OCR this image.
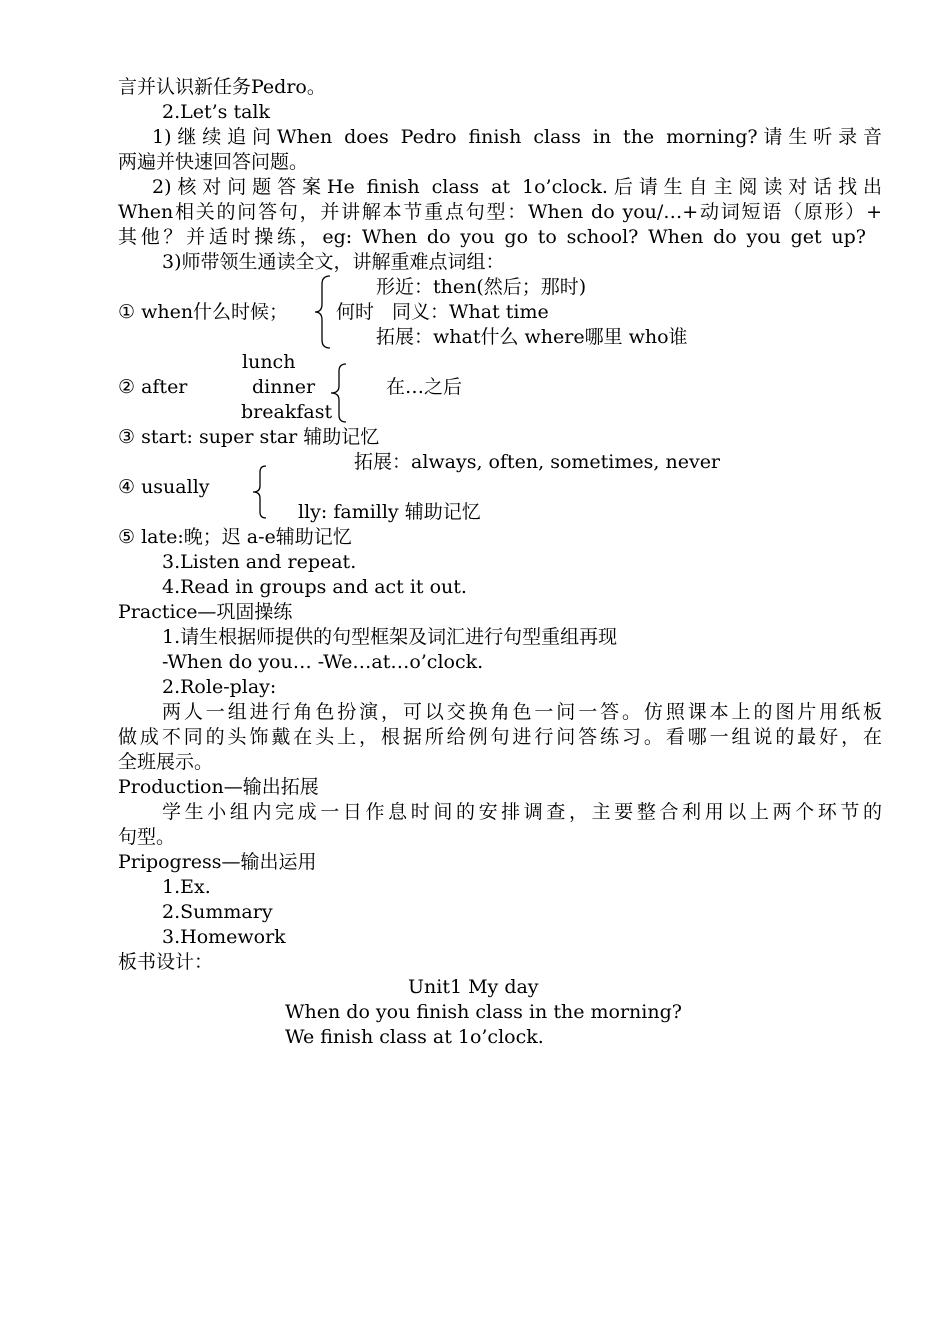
言并认识新任务Pedro。
2.Let’s talk
1)继续追问When does Pedro finish class in the morning?请生听录音
两遍并快速回答问题。
2)核对问题答案He finish class at 1o’clock.后请生自主阅读对话找出
When相关的问答句，并讲解本节重点句型：When do you/…+动词短语（原形）+
其他？并适时操练，eg: When do you go to school? When do you get up?
3)师带领生通读全文，讲解重难点词组：
形近：then(然后；那时)
① when什么时候；	何时 同义：What time
拓展：what什么 where哪里 who谁
lunch
② after	dinner	在…之后
breakfast
③ start: super star 辅助记忆
拓展：always, often, sometimes, never
④ usually
lly: familly 辅助记忆
⑤ late:晚；迟 a-e辅助记忆
3.Listen and repeat.
4.Read in groups and act it out.
Practice—巩固操练
1.请生根据师提供的句型框架及词汇进行句型重组再现
-When do you… -We…at…o’clock.
2.Role-play:
两人一组进行角色扮演，可以交换角色一问一答。仿照课本上的图片用纸板
做成不同的头饰戴在头上，根据所给例句进行问答练习。看哪一组说的最好，在
全班展示。
Production—输出拓展
学生小组内完成一日作息时间的安排调查，主要整合利用以上两个环节的
句型。
Pripogress—输出运用
1.Ex.
2.Summary
3.Homework
板书设计：
Unit1 My day
When do you finish class in the morning?
We finish class at 1o’clock.
